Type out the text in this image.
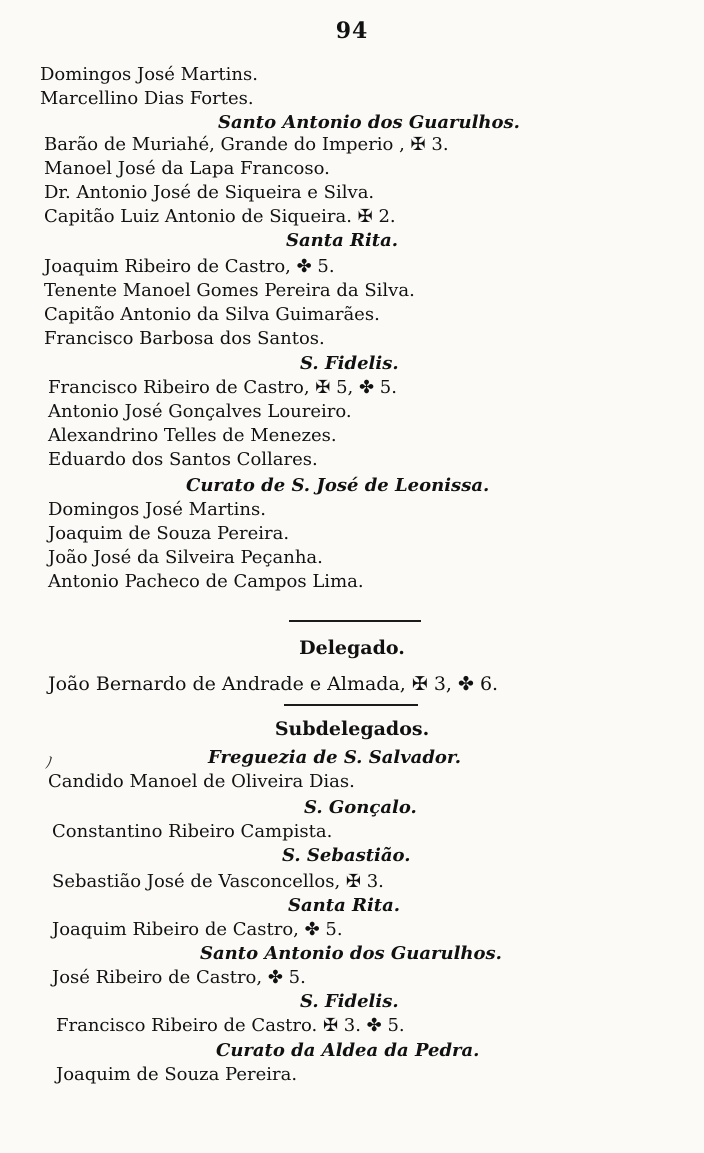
94
Domingos José Martins.
Marcellino Dias Fortes.
Santo Antonio dos Guarulhos.
Barão de Muriahé, Grande do Imperio , ✠ 3.
Manoel José da Lapa Francoso.
Dr. Antonio José de Siqueira e Silva.
Capitão Luiz Antonio de Siqueira. ✠ 2.
Santa Rita.
Joaquim Ribeiro de Castro, ✤ 5.
Tenente Manoel Gomes Pereira da Silva.
Capitão Antonio da Silva Guimarães.
Francisco Barbosa dos Santos.
S. Fidelis.
Francisco Ribeiro de Castro, ✠ 5, ✤ 5.
Antonio José Gonçalves Loureiro.
Alexandrino Telles de Menezes.
Eduardo dos Santos Collares.
Curato de S. José de Leonissa.
Domingos José Martins.
Joaquim de Souza Pereira.
João José da Silveira Peçanha.
Antonio Pacheco de Campos Lima.
Delegado.
João Bernardo de Andrade e Almada, ✠ 3, ✤ 6.
Subdelegados.
ﾉ	Freguezia de S. Salvador.
Candido Manoel de Oliveira Dias.
S. Gonçalo.
Constantino Ribeiro Campista.
S. Sebastião.
Sebastião José de Vasconcellos, ✠ 3.
Santa Rita.
Joaquim Ribeiro de Castro, ✤ 5.
Santo Antonio dos Guarulhos.
José Ribeiro de Castro, ✤ 5.
S. Fidelis.
Francisco Ribeiro de Castro. ✠ 3. ✤ 5.
Curato da Aldea da Pedra.
Joaquim de Souza Pereira.
